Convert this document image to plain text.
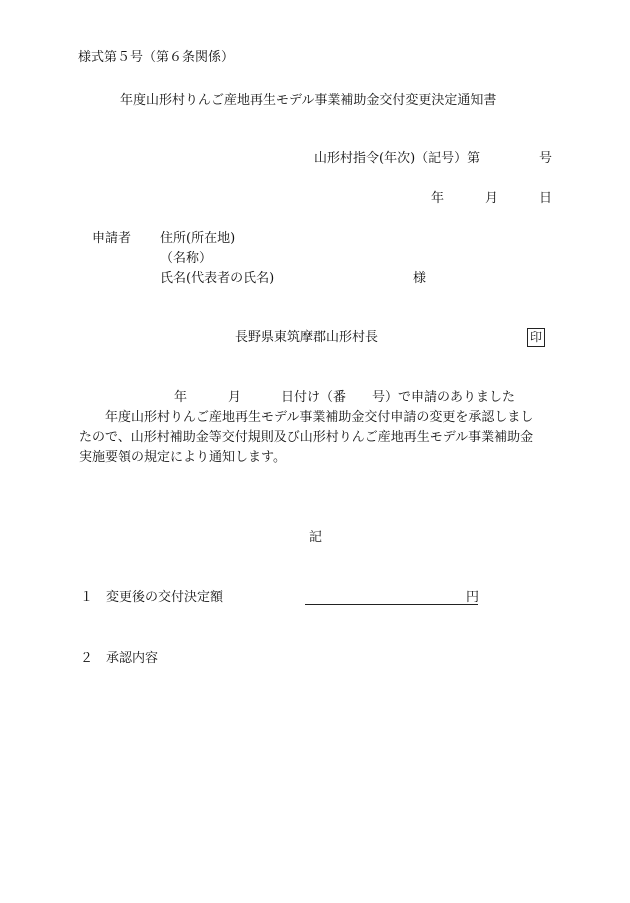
様式第５号（第６条関係）
年度山形村りんご産地再生モデル事業補助金交付変更決定通知書
山形村指令(年次)（記号）第	号
年	月	日
申請者 住所(所在地)
（名称）
氏名(代表者の氏名)	様
長野県東筑摩郡山形村長	印
年	月	日付け（番　　号）で申請のありました
年度山形村りんご産地再生モデル事業補助金交付申請の変更を承認しまし
たので、山形村補助金等交付規則及び山形村りんご産地再生モデル事業補助金
実施要領の規定により通知します。
記
１ 変更後の交付決定額	円
２ 承認内容
